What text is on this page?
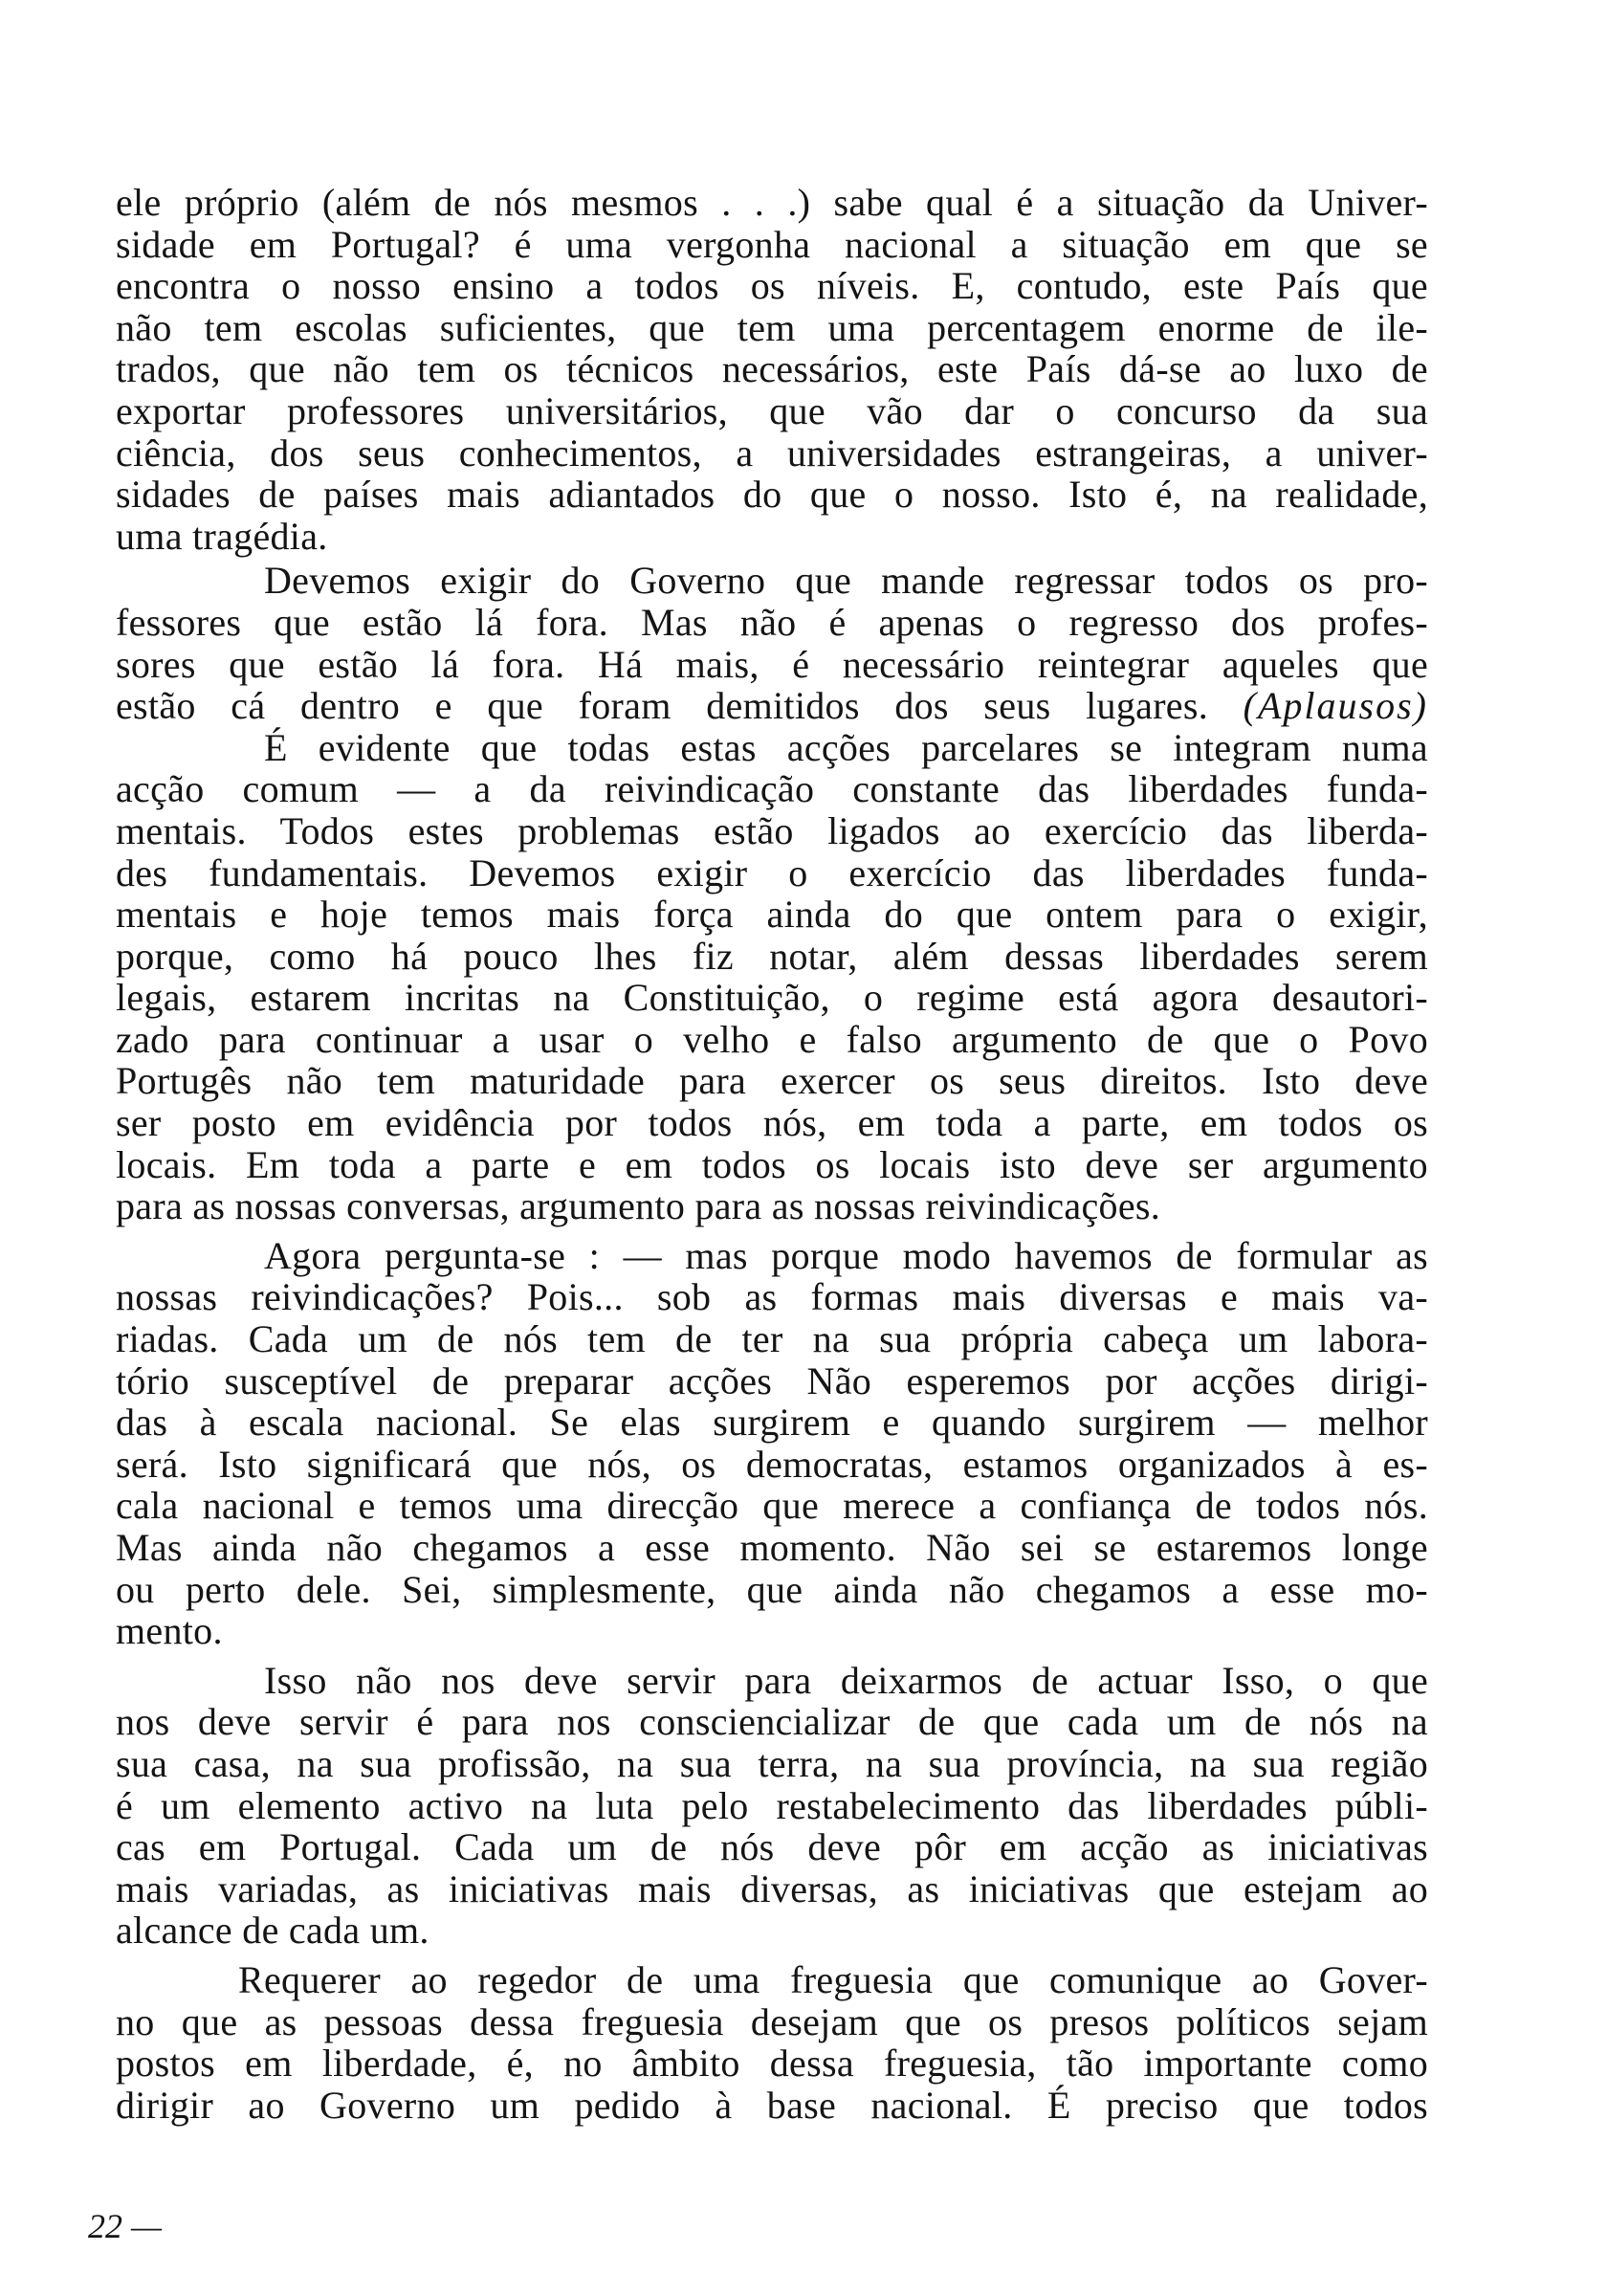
ele próprio (além de nós mesmos . . .) sabe qual é a situação da Univer-
sidade em Portugal? é uma vergonha nacional a situação em que se
encontra o nosso ensino a todos os níveis. E, contudo, este País que
não tem escolas suficientes, que tem uma percentagem enorme de ile-
trados, que não tem os técnicos necessários, este País dá-se ao luxo de
exportar professores universitários, que vão dar o concurso da sua
ciência, dos seus conhecimentos, a universidades estrangeiras, a univer-
sidades de países mais adiantados do que o nosso. Isto é, na realidade,
uma tragédia.
Devemos exigir do Governo que mande regressar todos os pro-
fessores que estão lá fora. Mas não é apenas o regresso dos profes-
sores que estão lá fora. Há mais, é necessário reintegrar aqueles que
estão cá dentro e que foram demitidos dos seus lugares. (Aplausos)
É evidente que todas estas acções parcelares se integram numa
acção comum — a da reivindicação constante das liberdades funda-
mentais. Todos estes problemas estão ligados ao exercício das liberda-
des fundamentais. Devemos exigir o exercício das liberdades funda-
mentais e hoje temos mais força ainda do que ontem para o exigir,
porque, como há pouco lhes fiz notar, além dessas liberdades serem
legais, estarem incritas na Constituição, o regime está agora desautori-
zado para continuar a usar o velho e falso argumento de que o Povo
Portugês não tem maturidade para exercer os seus direitos. Isto deve
ser posto em evidência por todos nós, em toda a parte, em todos os
locais. Em toda a parte e em todos os locais isto deve ser argumento
para as nossas conversas, argumento para as nossas reivindicações.
Agora pergunta-se : — mas porque modo havemos de formular as
nossas reivindicações? Pois... sob as formas mais diversas e mais va-
riadas. Cada um de nós tem de ter na sua própria cabeça um labora-
tório susceptível de preparar acções Não esperemos por acções dirigi-
das à escala nacional. Se elas surgirem e quando surgirem — melhor
será. Isto significará que nós, os democratas, estamos organizados à es-
cala nacional e temos uma direcção que merece a confiança de todos nós.
Mas ainda não chegamos a esse momento. Não sei se estaremos longe
ou perto dele. Sei, simplesmente, que ainda não chegamos a esse mo-
mento.
Isso não nos deve servir para deixarmos de actuar Isso, o que
nos deve servir é para nos consciencializar de que cada um de nós na
sua casa, na sua profissão, na sua terra, na sua província, na sua região
é um elemento activo na luta pelo restabelecimento das liberdades públi-
cas em Portugal. Cada um de nós deve pôr em acção as iniciativas
mais variadas, as iniciativas mais diversas, as iniciativas que estejam ao
alcance de cada um.
Requerer ao regedor de uma freguesia que comunique ao Gover-
no que as pessoas dessa freguesia desejam que os presos políticos sejam
postos em liberdade, é, no âmbito dessa freguesia, tão importante como
dirigir ao Governo um pedido à base nacional. É preciso que todos
22 —
